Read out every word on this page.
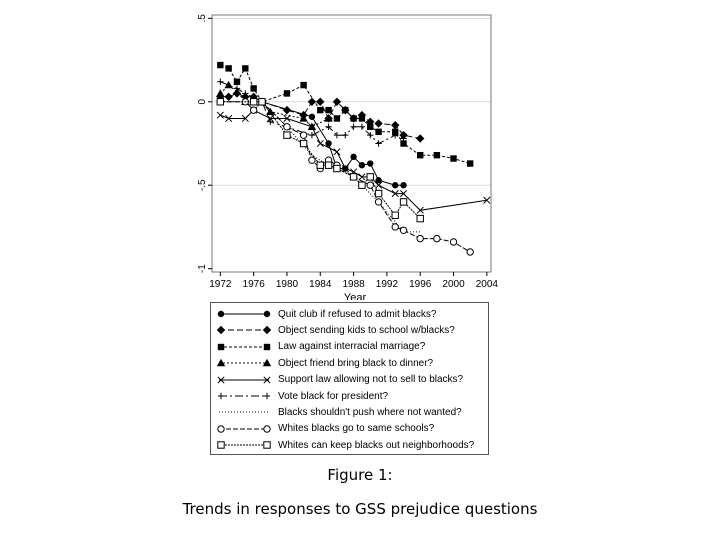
.5
0
-.5
-1
1972 1976 1980 1984 1988 1992 1996 2000 2004
Year
Quit club if refused to admit blacks?
Object sending kids to school w/blacks?
Law against interracial marriage?
Object friend bring black to dinner?
Support law allowing not to sell to blacks?
Vote black for president?
Blacks shouldn't push where not wanted?
Whites blacks go to same schools?
Whites can keep blacks out neighborhoods?
Figure 1:
Trends in responses to GSS prejudice questions
